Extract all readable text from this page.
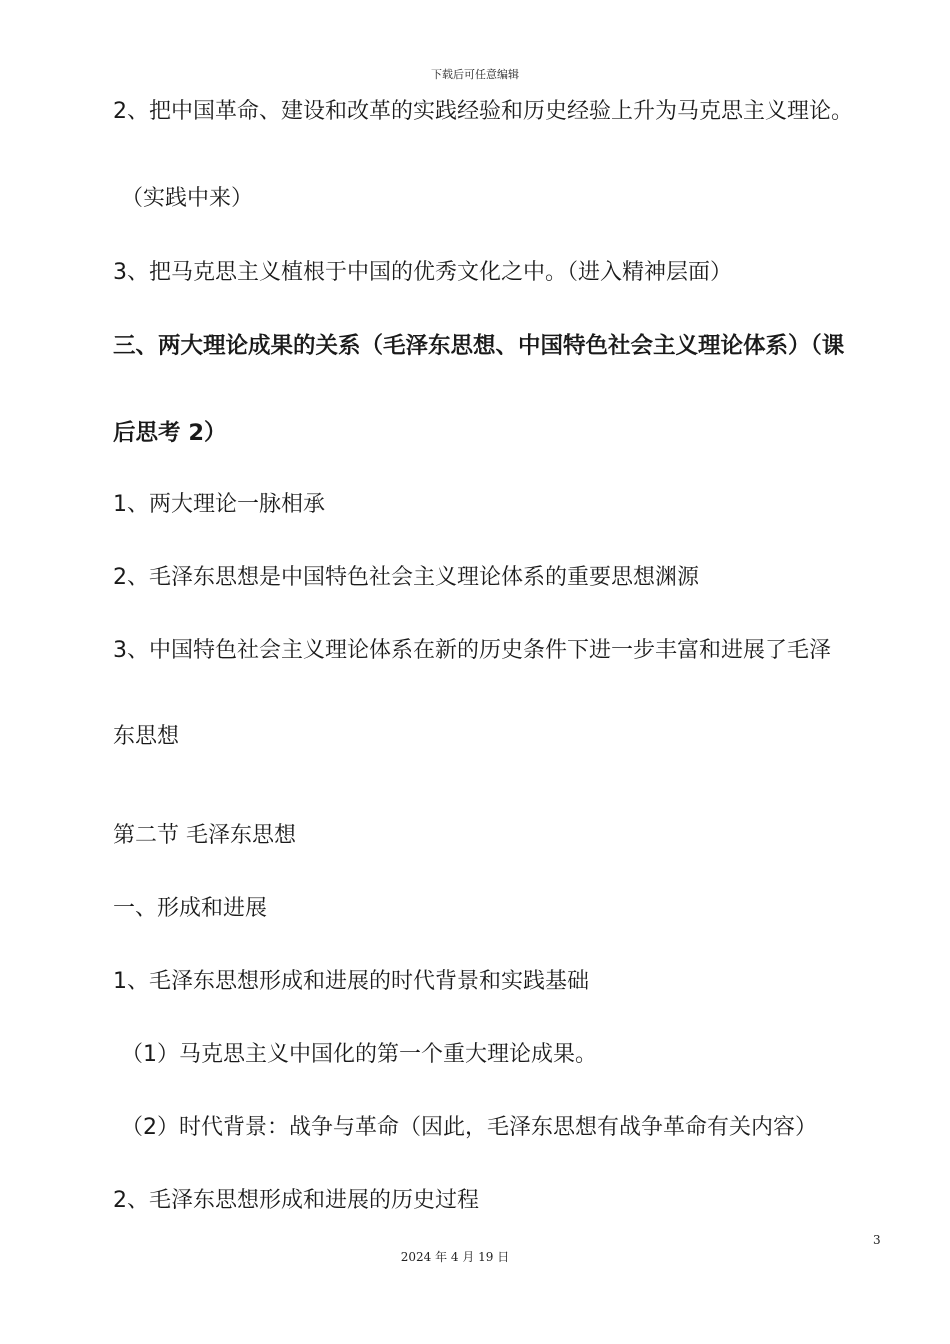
下载后可任意编辑
2、把中国革命、建设和改革的实践经验和历史经验上升为马克思主义理论。
（实践中来）
3、把马克思主义植根于中国的优秀文化之中。（进入精神层面）
三、两大理论成果的关系（毛泽东思想、中国特色社会主义理论体系）（课
后思考 2）
1、两大理论一脉相承
2、毛泽东思想是中国特色社会主义理论体系的重要思想渊源
3、中国特色社会主义理论体系在新的历史条件下进一步丰富和进展了毛泽
东思想
第二节 毛泽东思想
一、形成和进展
1、毛泽东思想形成和进展的时代背景和实践基础
（1）马克思主义中国化的第一个重大理论成果。
（2）时代背景：战争与革命（因此，毛泽东思想有战争革命有关内容）
2、毛泽东思想形成和进展的历史过程
3
2024 年 4 月 19 日
